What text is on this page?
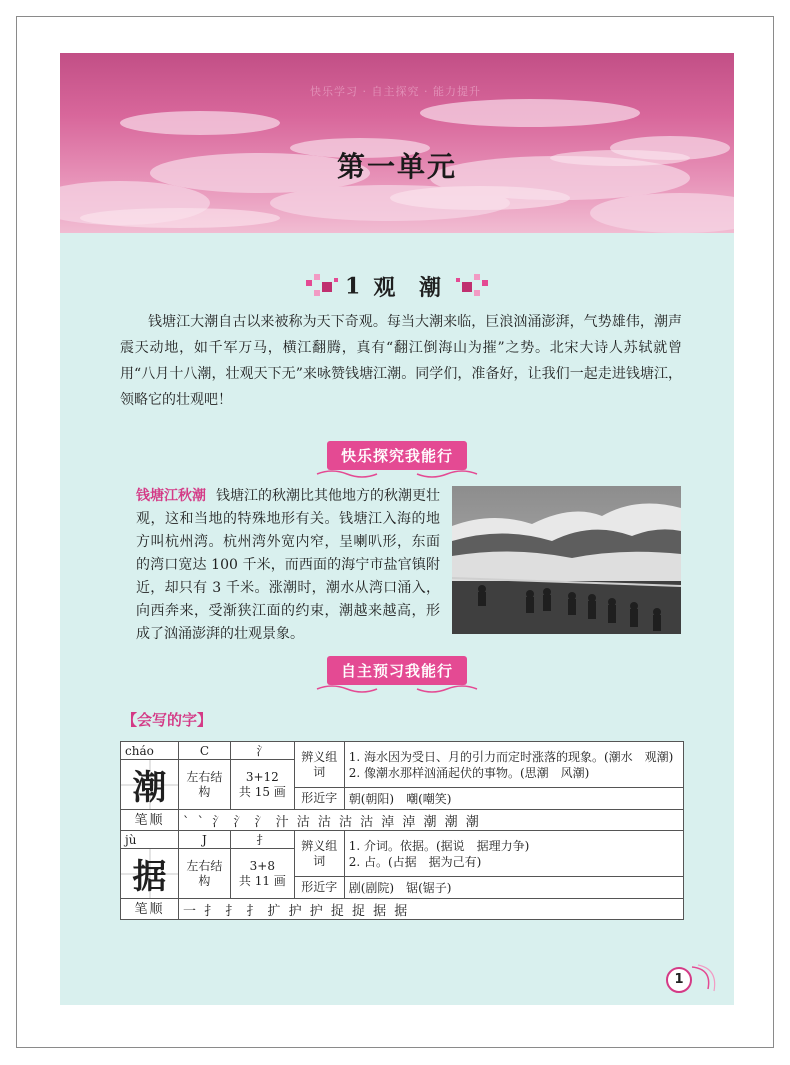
快乐学习 · 自主探究 · 能力提升
第一单元
1 观 潮

钱塘江大潮自古以来被称为天下奇观。每当大潮来临，巨浪汹涌澎湃，气势雄伟，潮声震天动地，如千军万马，横江翻腾，真有“翻江倒海山为摧”之势。北宋大诗人苏轼就曾用“八月十八潮，壮观天下无”来咏赞钱塘江潮。同学们，准备好，让我们一起走进钱塘江，领略它的壮观吧！

快乐探究我能行

钱塘江秋潮 钱塘江的秋潮比其他地方的秋潮更壮观，这和当地的特殊地形有关。钱塘江入海的地方叫杭州湾。杭州湾外宽内窄，呈喇叭形，东面的湾口宽达 100 千米，而西面的海宁市盐官镇附近，却只有 3 千米。涨潮时，潮水从湾口涌入，向西奔来，受渐狭江面的约束，潮越来越高，形成了汹涌澎湃的壮观景象。

自主预习我能行
【会写的字】
cháo	C	氵	辨义组词	1. 海水因为受日、月的引力而定时涨落的现象。(潮水　观潮)
2. 像潮水那样汹涌起伏的事物。(思潮　风潮)

潮	左右结构	3+12
共 15 画		

			形近字	朝(朝阳)　嘲(嘲笑)
笔顺	` ` 氵 氵 氵 汁 沽 沽 沽 沽 淖 淖 潮 潮 潮			
jù	J	扌	辨义组词	1. 介词。依据。(据说　据理力争)
2. 占。(占据　据为己有)

据	左右结构	3+8
共 11 画		

			形近字	剧(剧院)　锯(锯子)
笔顺	一 扌 扌 扌 扩 护 护 捉 捉 据 据			
1
